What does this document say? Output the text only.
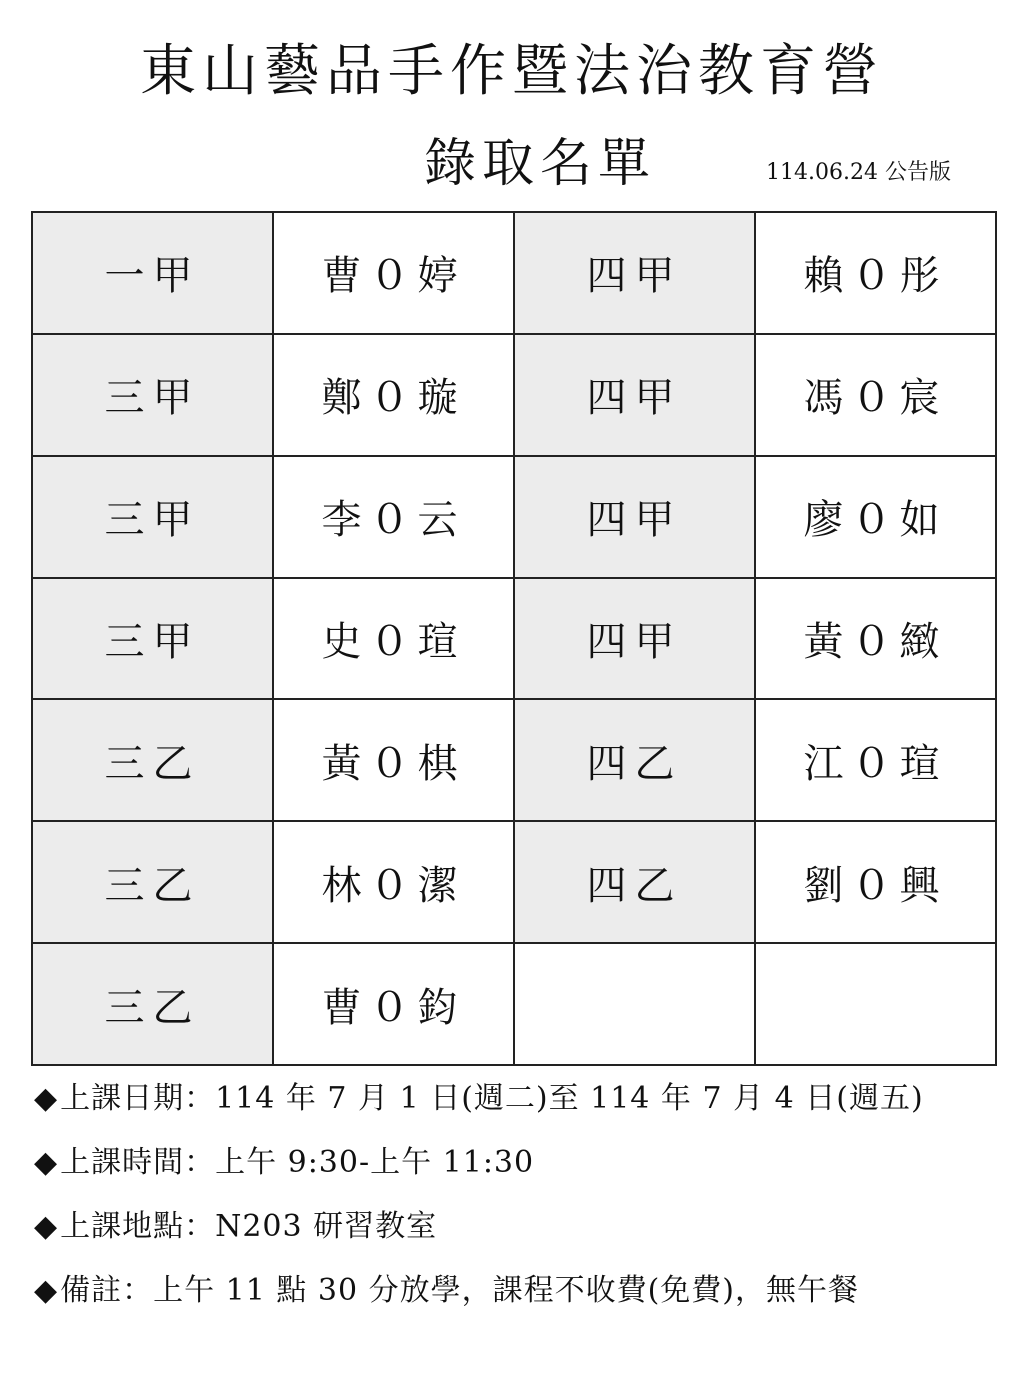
東山藝品手作暨法治教育營
錄取名單	114.06.24 公告版
一甲	曹０婷	四甲	賴０彤
三甲	鄭０璇	四甲	馮０宸
三甲	李０云	四甲	廖０如
三甲	史０瑄	四甲	黃０緻
三乙	黃０棋	四乙	江０瑄
三乙	林０潔	四乙	劉０興
三乙	曹０鈞		
◆上課日期：114 年 7 月 1 日(週二)至 114 年 7 月 4 日(週五)
◆上課時間：上午 9:30-上午 11:30
◆上課地點：N203 研習教室
◆備註：上午 11 點 30 分放學，課程不收費(免費)，無午餐
